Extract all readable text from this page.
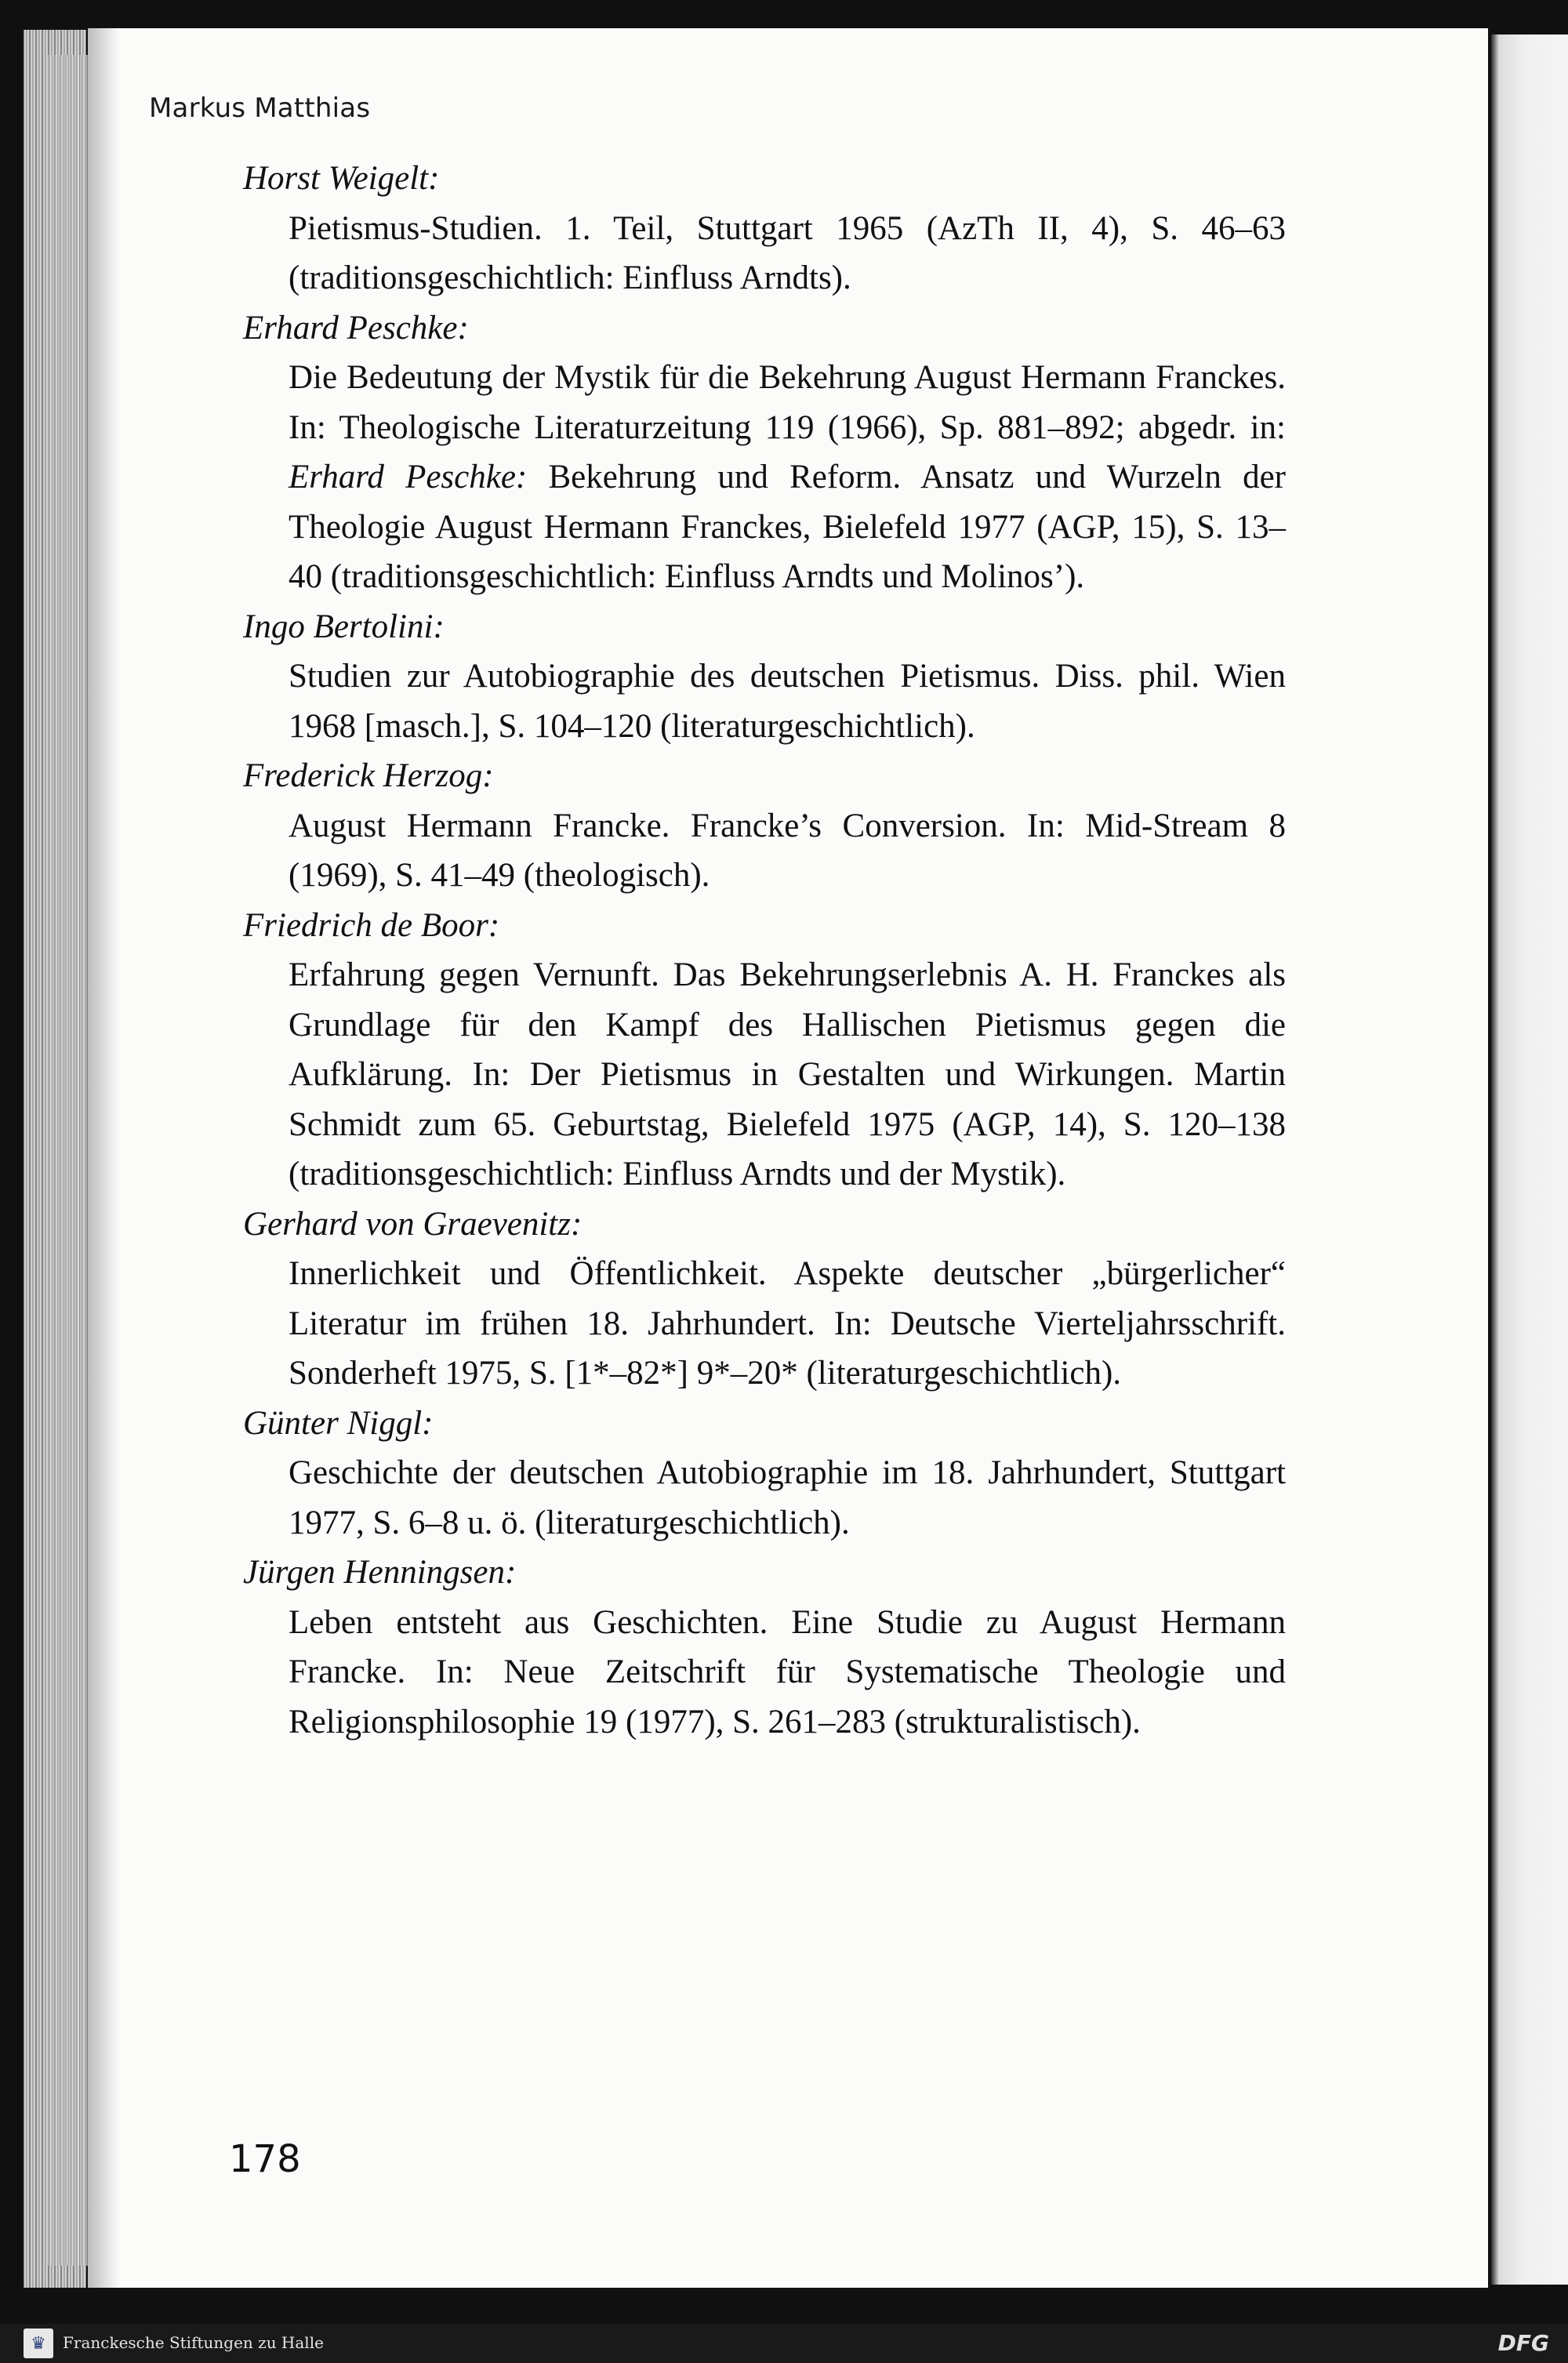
Markus Matthias

Horst Weigelt:

Pietismus-Studien. 1. Teil, Stuttgart 1965 (AzTh II, 4), S. 46–63 (traditionsgeschichtlich: Einfluss Arndts).

Erhard Peschke:

Die Bedeutung der Mystik für die Bekehrung August Hermann Franckes. In: Theologische Literaturzeitung 119 (1966), Sp. 881–892; abgedr. in: Erhard Peschke: Bekehrung und Reform. Ansatz und Wurzeln der Theologie August Hermann Franckes, Bielefeld 1977 (AGP, 15), S. 13–40 (traditionsgeschichtlich: Einfluss Arndts und Molinos’).

Ingo Bertolini:

Studien zur Autobiographie des deutschen Pietismus. Diss. phil. Wien 1968 [masch.], S. 104–120 (literaturgeschichtlich).

Frederick Herzog:

August Hermann Francke. Francke’s Conversion. In: Mid-Stream 8 (1969), S. 41–49 (theologisch).

Friedrich de Boor:

Erfahrung gegen Vernunft. Das Bekehrungserlebnis A. H. Franckes als Grundlage für den Kampf des Hallischen Pietismus gegen die Aufklärung. In: Der Pietismus in Gestalten und Wirkungen. Martin Schmidt zum 65. Geburtstag, Bielefeld 1975 (AGP, 14), S. 120–138 (traditionsgeschichtlich: Einfluss Arndts und der Mystik).

Gerhard von Graevenitz:

Innerlichkeit und Öffentlichkeit. Aspekte deutscher „bürgerlicher“ Literatur im frühen 18. Jahrhundert. In: Deutsche Vierteljahrsschrift. Sonderheft 1975, S. [1*–82*] 9*–20* (literaturgeschichtlich).

Günter Niggl:

Geschichte der deutschen Autobiographie im 18. Jahrhundert, Stuttgart 1977, S. 6–8 u. ö. (literaturgeschichtlich).

Jürgen Henningsen:

Leben entsteht aus Geschichten. Eine Studie zu August Hermann Francke. In: Neue Zeitschrift für Systematische Theologie und Religionsphilosophie 19 (1977), S. 261–283 (strukturalistisch).

178
♛	Franckesche Stiftungen zu Halle	DFG
